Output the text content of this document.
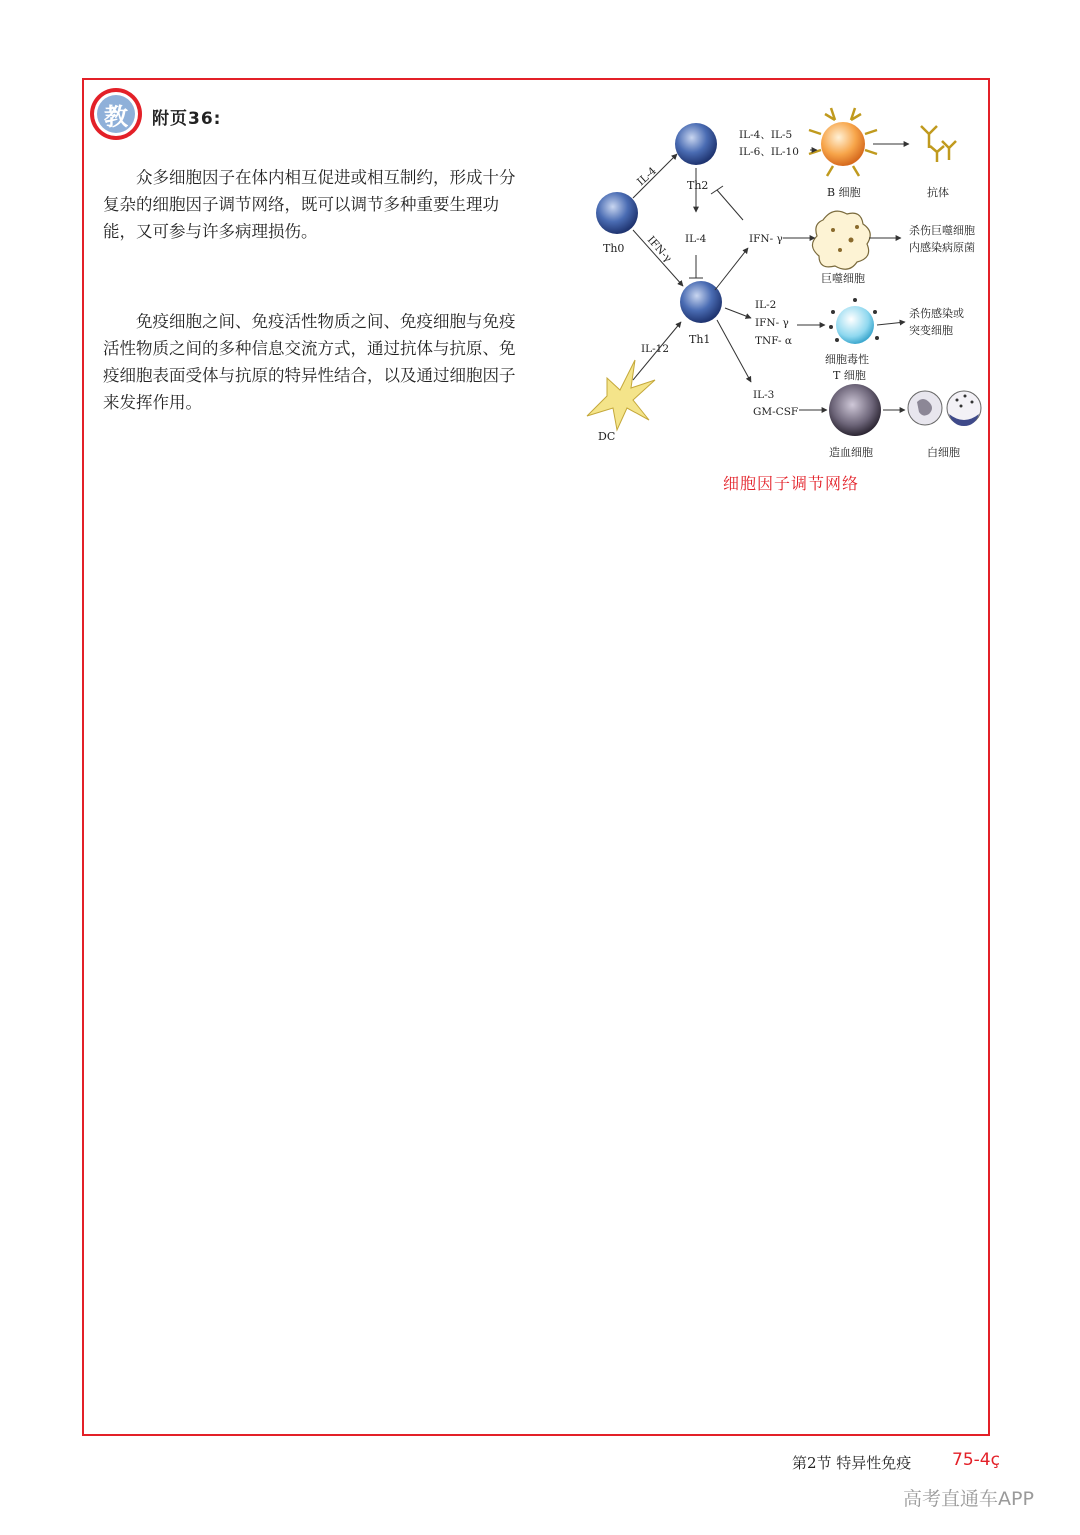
教	附页36:

众多细胞因子在体内相互促进或相互制约，形成十分复杂的细胞因子调节网络，既可以调节多种重要生理功能，又可参与许多病理损伤。

免疫细胞之间、免疫活性物质之间、免疫细胞与免疫活性物质之间的多种信息交流方式，通过抗体与抗原、免疫细胞表面受体与抗原的特异性结合，以及通过细胞因子来发挥作用。

Th0
Th2
Th1
DC
B 细胞	抗体
巨噬细胞
细胞毒性
T 细胞
造血细胞	白细胞
IL-4
IFN-γ
IL-12
IL-4
IL-4、IL-5
IL-6、IL-10
IFN- γ
IL-2
IFN- γ
TNF- α
IL-3
GM-CSF
杀伤巨噬细胞
内感染病原菌
杀伤感染或
突变细胞
细胞因子调节网络
第2节 特异性免疫 75-4ç
高考直通车APP
